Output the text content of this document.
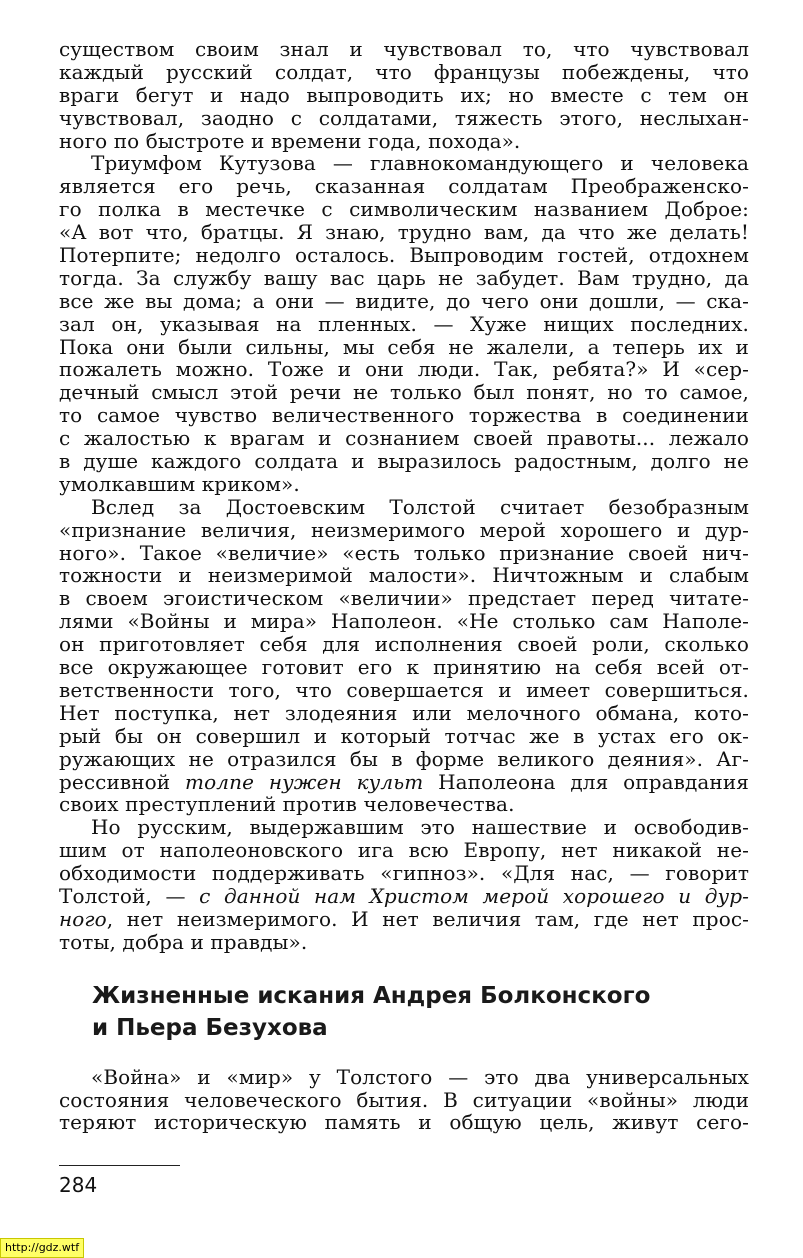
существом своим знал и чувствовал то, что чувствовал
каждый русский солдат, что французы побеждены, что
враги бегут и надо выпроводить их; но вместе с тем он
чувствовал, заодно с солдатами, тяжесть этого, неслыхан-
ного по быстроте и времени года, похода».
Триумфом Кутузова — главнокомандующего и человека
является его речь, сказанная солдатам Преображенско-
го полка в местечке с символическим названием Доброе:
«А вот что, братцы. Я знаю, трудно вам, да что же делать!
Потерпите; недолго осталось. Выпроводим гостей, отдохнем
тогда. За службу вашу вас царь не забудет. Вам трудно, да
все же вы дома; а они — видите, до чего они дошли, — ска-
зал он, указывая на пленных. — Хуже нищих последних.
Пока они были сильны, мы себя не жалели, а теперь их и
пожалеть можно. Тоже и они люди. Так, ребята?» И «сер-
дечный смысл этой речи не только был понят, но то самое,
то самое чувство величественного торжества в соединении
с жалостью к врагам и сознанием своей правоты... лежало
в душе каждого солдата и выразилось радостным, долго не
умолкавшим криком».
Вслед за Достоевским Толстой считает безобразным
«признание величия, неизмеримого мерой хорошего и дур-
ного». Такое «величие» «есть только признание своей нич-
тожности и неизмеримой малости». Ничтожным и слабым
в своем эгоистическом «величии» предстает перед читате-
лями «Войны и мира» Наполеон. «Не столько сам Наполе-
он приготовляет себя для исполнения своей роли, сколько
все окружающее готовит его к принятию на себя всей от-
ветственности того, что совершается и имеет совершиться.
Нет поступка, нет злодеяния или мелочного обмана, кото-
рый бы он совершил и который тотчас же в устах его ок-
ружающих не отразился бы в форме великого деяния». Аг-
рессивной толпе нужен культ Наполеона для оправдания
своих преступлений против человечества.
Но русским, выдержавшим это нашествие и освободив-
шим от наполеоновского ига всю Европу, нет никакой не-
обходимости поддерживать «гипноз». «Для нас, — говорит
Толстой, — с данной нам Христом мерой хорошего и дур-
ного, нет неизмеримого. И нет величия там, где нет прос-
тоты, добра и правды».
Жизненные искания Андрея Болконского
и Пьера Безухова
«Война» и «мир» у Толстого — это два универсальных
состояния человеческого бытия. В ситуации «войны» люди
теряют историческую память и общую цель, живут сего-
284
http://gdz.wtf
